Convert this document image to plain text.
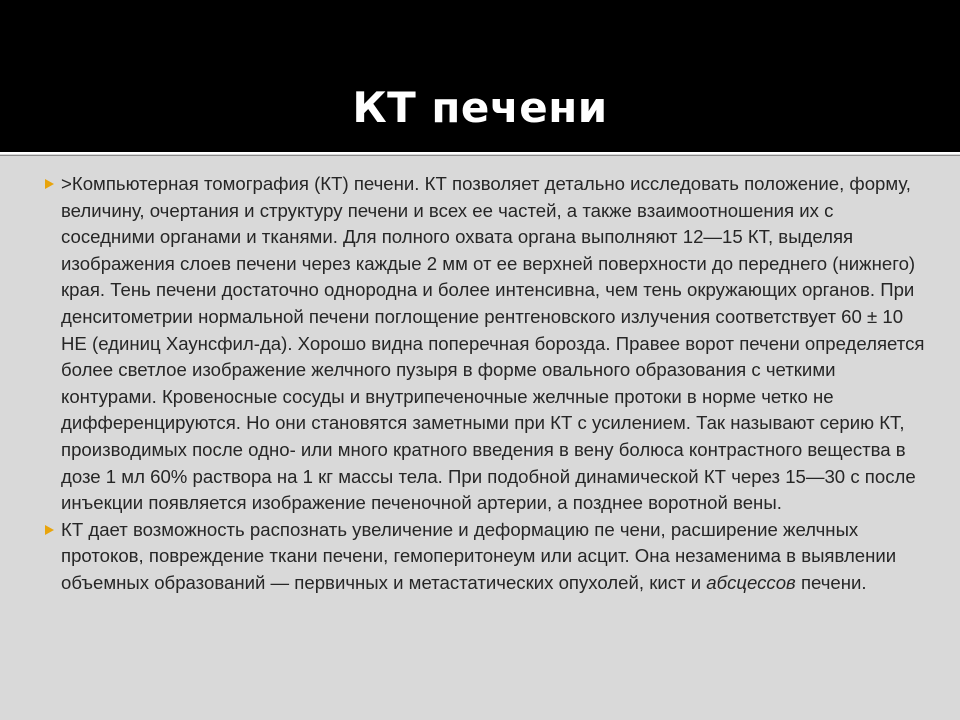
КТ печени
>Компьютерная томография (КТ) печени. КТ позволяет детально исследовать положение, форму, величину, очертания и структуру печени и всех ее частей, а также взаимоотношения их с соседними органами и тканями. Для полного охвата органа выполняют 12—15 КТ, выделяя изображения слоев печени через каждые 2 мм от ее верхней поверхности до переднего (нижнего) края. Тень печени достаточно однородна и более интенсивна, чем тень окружающих органов. При денситометрии нормальной печени поглощение рентгеновского излучения соответствует 60 ± 10 НЕ (единиц Хаунсфил-да). Хорошо видна поперечная борозда. Правее ворот печени определяется более светлое изображение желчного пузыря в форме овального образования с четкими контурами. Кровеносные сосуды и внутрипеченочные желчные протоки в норме четко не дифференцируются. Но они становятся заметными при КТ с усилением. Так называют серию КТ, производимых после одно- или много кратного введения в вену болюса контрастного вещества в дозе 1 мл 60% раствора на 1 кг массы тела. При подобной динамической КТ через 15—30 с после инъекции появляется изображение печеночной артерии, а позднее воротной вены.
КТ дает возможность распознать увеличение и деформацию пе чени, расширение желчных протоков, повреждение ткани печени, гемоперитонеум или асцит. Она незаменима в выявлении объемных образований — первичных и метастатических опухолей, кист и абсцессов печени.
